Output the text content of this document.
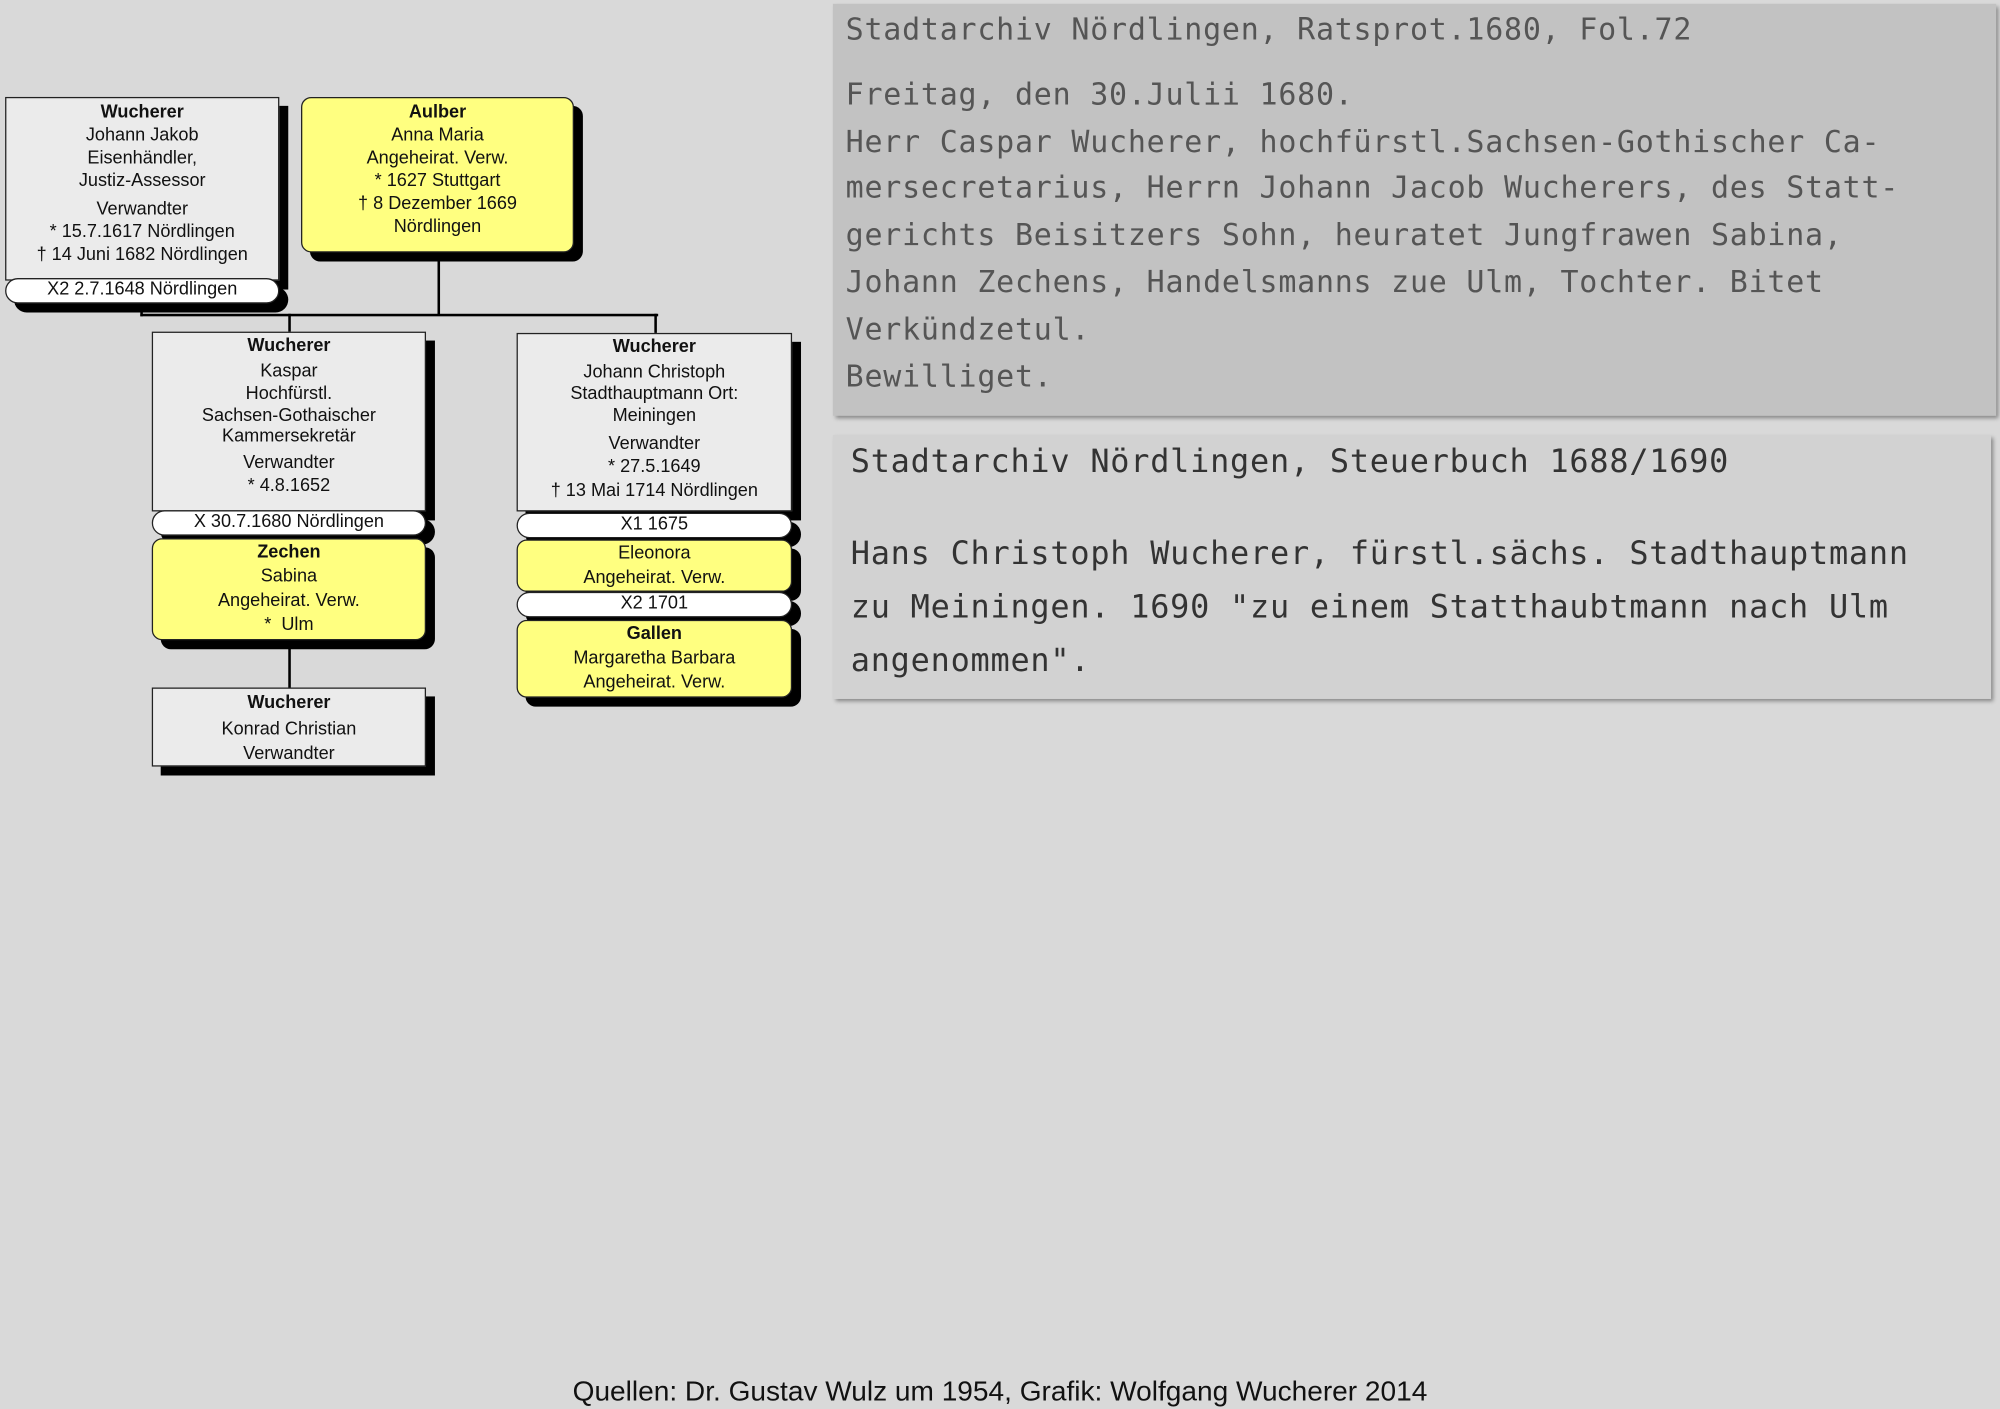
Wucherer
Johann Jakob
Eisenhändler,
Justiz-Assessor
Verwandter
* 15.7.1617 Nördlingen
† 14 Juni 1682 Nördlingen
X2 2.7.1648 Nördlingen
Aulber
Anna Maria
Angeheirat. Verw.
* 1627 Stuttgart
† 8 Dezember 1669
Nördlingen
Wucherer
Kaspar
Hochfürstl.
Sachsen-Gothaischer
Kammersekretär
Verwandter
* 4.8.1652
X 30.7.1680 Nördlingen
Zechen
Sabina
Angeheirat. Verw.
*  Ulm
Wucherer
Johann Christoph
Stadthauptmann Ort:
Meiningen
Verwandter
* 27.5.1649
† 13 Mai 1714 Nördlingen
X1 1675
Eleonora
Angeheirat. Verw.
X2 1701
Gallen
Margaretha Barbara
Angeheirat. Verw.
Wucherer
Konrad Christian
Verwandter
Stadtarchiv Nördlingen, Ratsprot.1680, Fol.72
Freitag, den 30.Julii 1680.
Herr Caspar Wucherer, hochfürstl.Sachsen-Gothischer Ca-
mersecretarius, Herrn Johann Jacob Wucherers, des Statt-
gerichts Beisitzers Sohn, heuratet Jungfrawen Sabina,
Johann Zechens, Handelsmanns zue Ulm, Tochter. Bitet
Verkündzetul.
Bewilliget.
Stadtarchiv Nördlingen, Steuerbuch 1688/1690
Hans Christoph Wucherer, fürstl.sächs. Stadthauptmann
zu Meiningen. 1690 "zu einem Statthaubtmann nach Ulm
angenommen".
Quellen: Dr. Gustav Wulz um 1954, Grafik: Wolfgang Wucherer 2014
